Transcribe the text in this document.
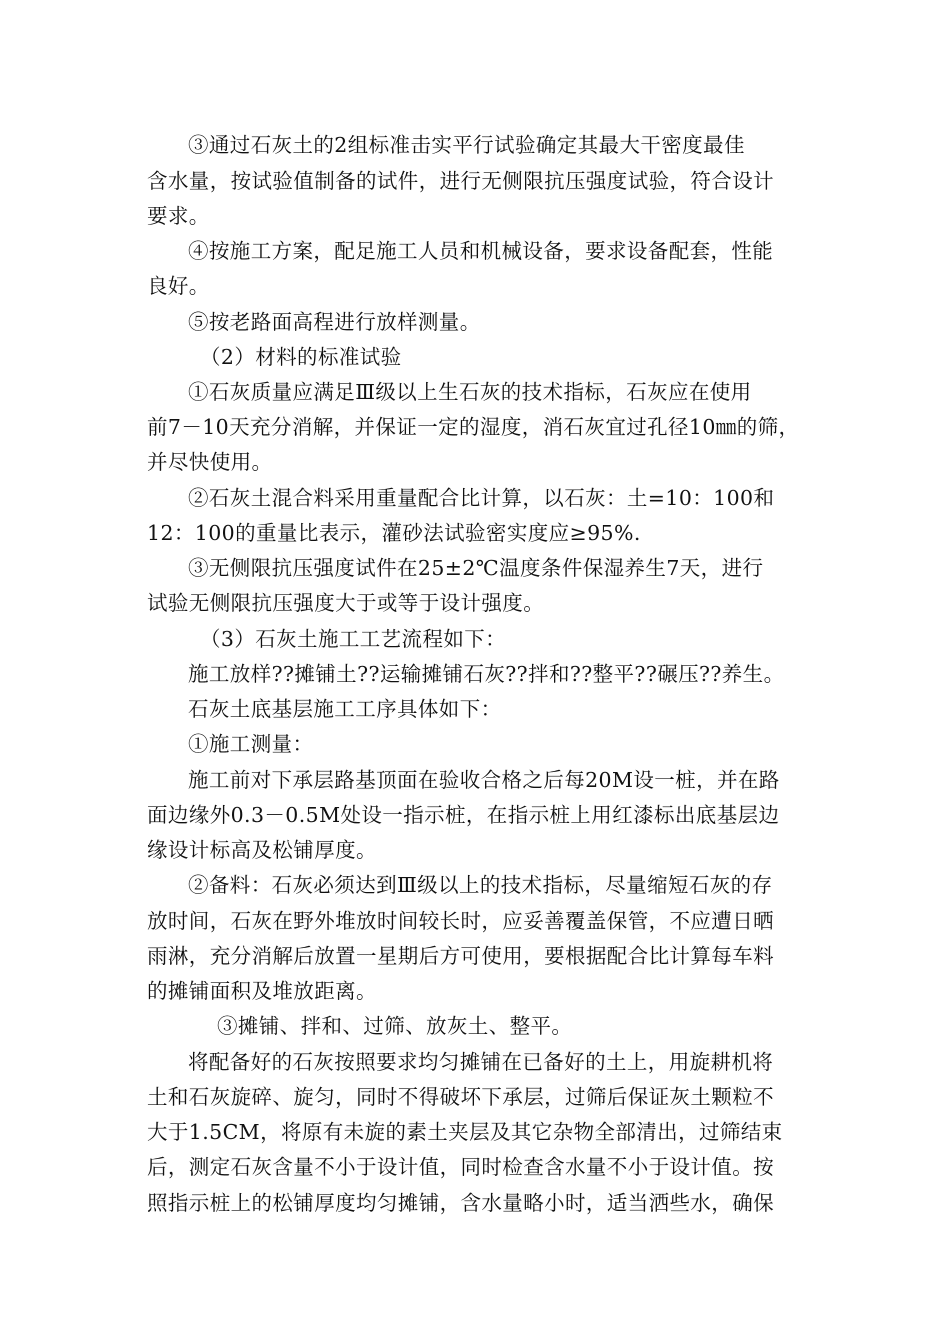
③通过石灰土的2组标准击实平行试验确定其最大干密度最佳
含水量，按试验值制备的试件，进行无侧限抗压强度试验，符合设计
要求。
④按施工方案，配足施工人员和机械设备，要求设备配套，性能
良好。
⑤按老路面高程进行放样测量。
（2）材料的标准试验
①石灰质量应满足Ⅲ级以上生石灰的技术指标，石灰应在使用
前7－10天充分消解，并保证一定的湿度，消石灰宜过孔径10㎜的筛，
并尽快使用。
②石灰土混合料采用重量配合比计算，以石灰：土=10：100和
12：100的重量比表示，灌砂法试验密实度应≥95%.
③无侧限抗压强度试件在25±2℃温度条件保湿养生7天，进行
试验无侧限抗压强度大于或等于设计强度。
（3）石灰土施工工艺流程如下：
施工放样??摊铺土??运输摊铺石灰??拌和??整平??碾压??养生。
石灰土底基层施工工序具体如下：
①施工测量：
施工前对下承层路基顶面在验收合格之后每20M设一桩，并在路
面边缘外0.3－0.5M处设一指示桩，在指示桩上用红漆标出底基层边
缘设计标高及松铺厚度。
②备料：石灰必须达到Ⅲ级以上的技术指标，尽量缩短石灰的存
放时间，石灰在野外堆放时间较长时，应妥善覆盖保管，不应遭日晒
雨淋，充分消解后放置一星期后方可使用，要根据配合比计算每车料
的摊铺面积及堆放距离。
③摊铺、拌和、过筛、放灰土、整平。
将配备好的石灰按照要求均匀摊铺在已备好的土上，用旋耕机将
土和石灰旋碎、旋匀，同时不得破坏下承层，过筛后保证灰土颗粒不
大于1.5CM，将原有未旋的素土夹层及其它杂物全部清出，过筛结束
后，测定石灰含量不小于设计值，同时检查含水量不小于设计值。按
照指示桩上的松铺厚度均匀摊铺，含水量略小时，适当洒些水，确保
